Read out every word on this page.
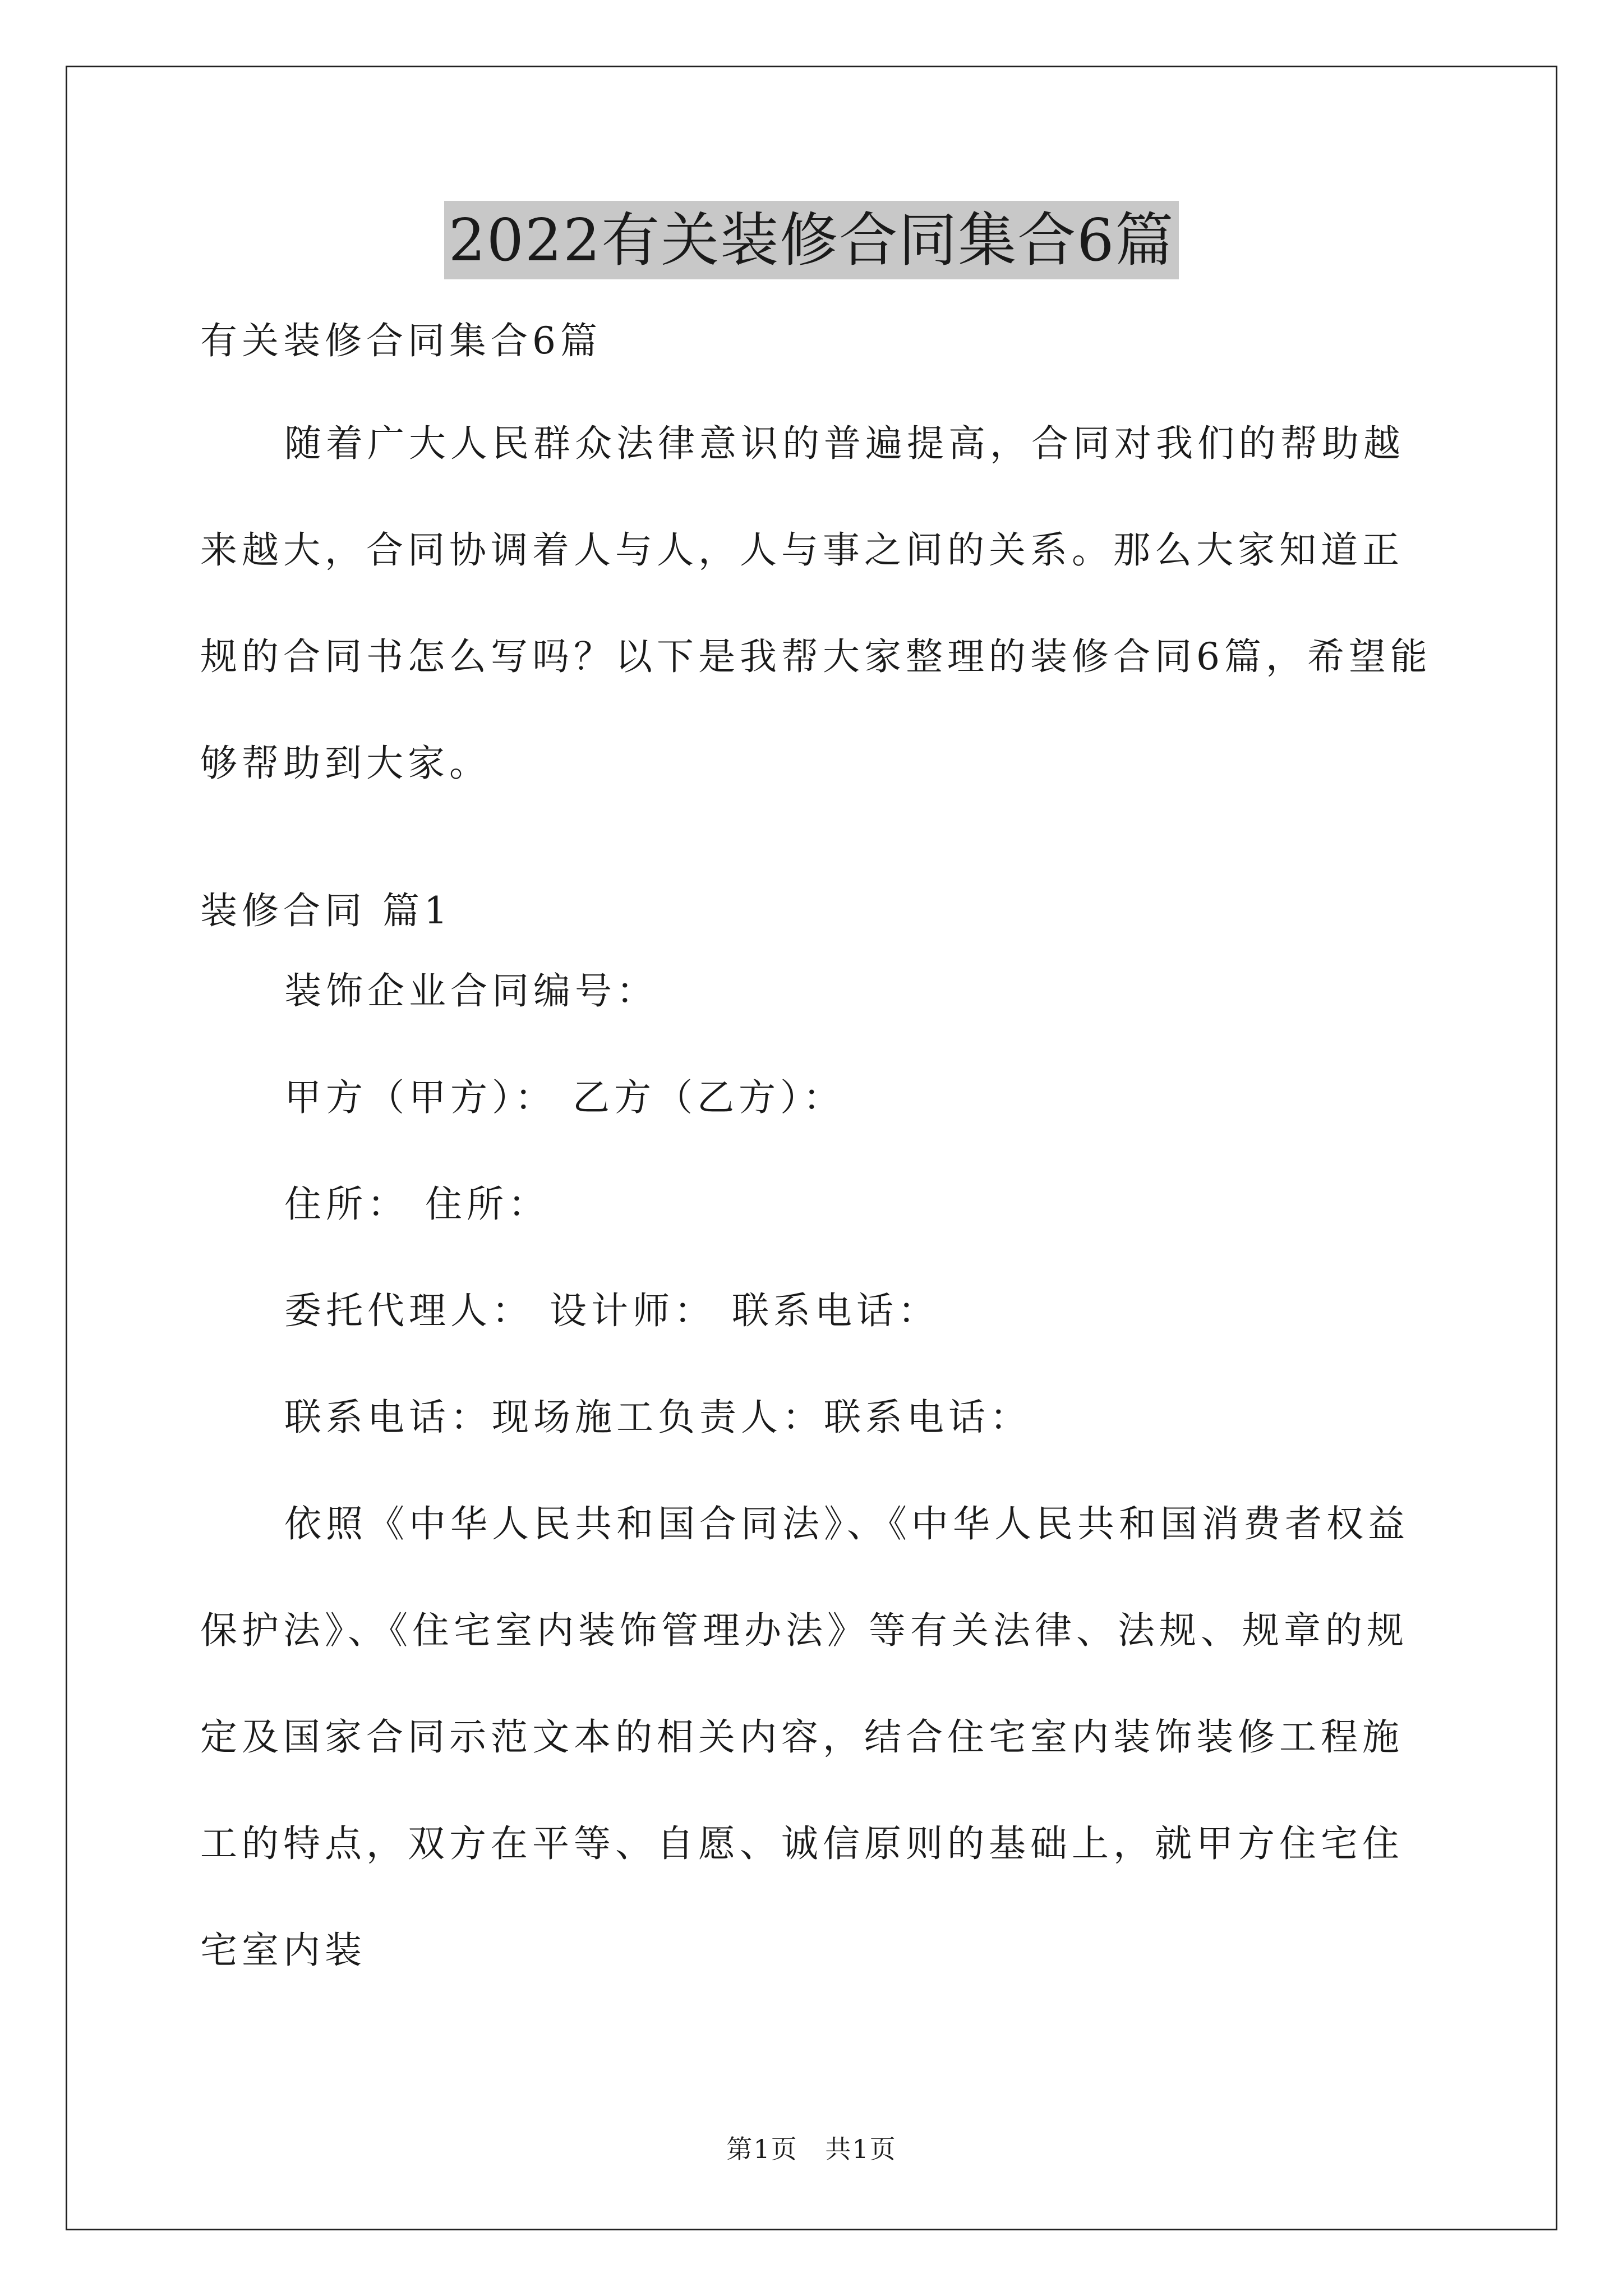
2022有关装修合同集合6篇

有关装修合同集合6篇

随着广大人民群众法律意识的普遍提高，合同对我们的帮助越来越大，合同协调着人与人，人与事之间的关系。那么大家知道正规的合同书怎么写吗？以下是我帮大家整理的装修合同6篇，希望能够帮助到大家。

装修合同 篇1

装饰企业合同编号：

甲方（甲方）： 乙方（乙方）：

住所： 住所：

委托代理人： 设计师： 联系电话：

联系电话：现场施工负责人：联系电话：

依照《中华人民共和国合同法》、《中华人民共和国消费者权益保护法》、《住宅室内装饰管理办法》等有关法律、法规、规章的规定及国家合同示范文本的相关内容，结合住宅室内装饰装修工程施工的特点，双方在平等、自愿、诚信原则的基础上，就甲方住宅住宅室内装

第1页 共1页
